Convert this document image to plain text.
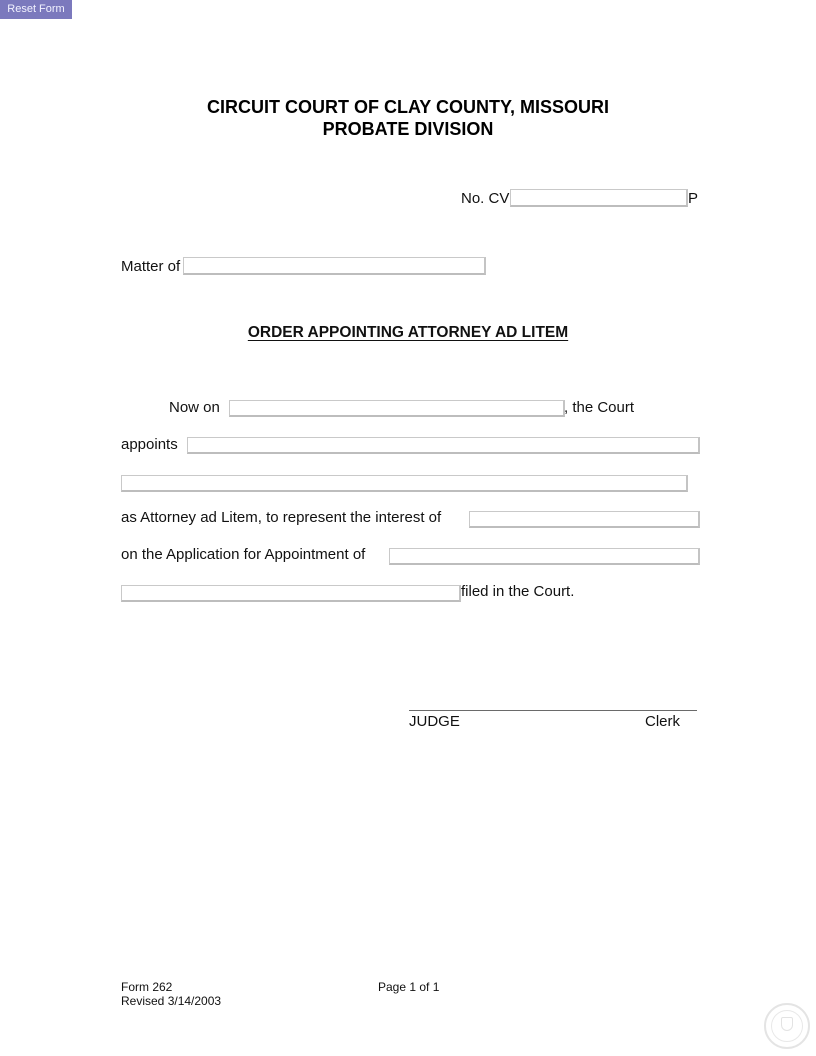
Reset Form
CIRCUIT COURT OF CLAY COUNTY, MISSOURI
PROBATE DIVISION
No. CV	P
Matter of
ORDER APPOINTING ATTORNEY AD LITEM
Now on	, the Court
appoints
as Attorney ad Litem, to represent the interest of
on the Application for Appointment of
filed in the Court.
JUDGE	Clerk
Form 262
Revised 3/14/2003
Page 1 of 1
